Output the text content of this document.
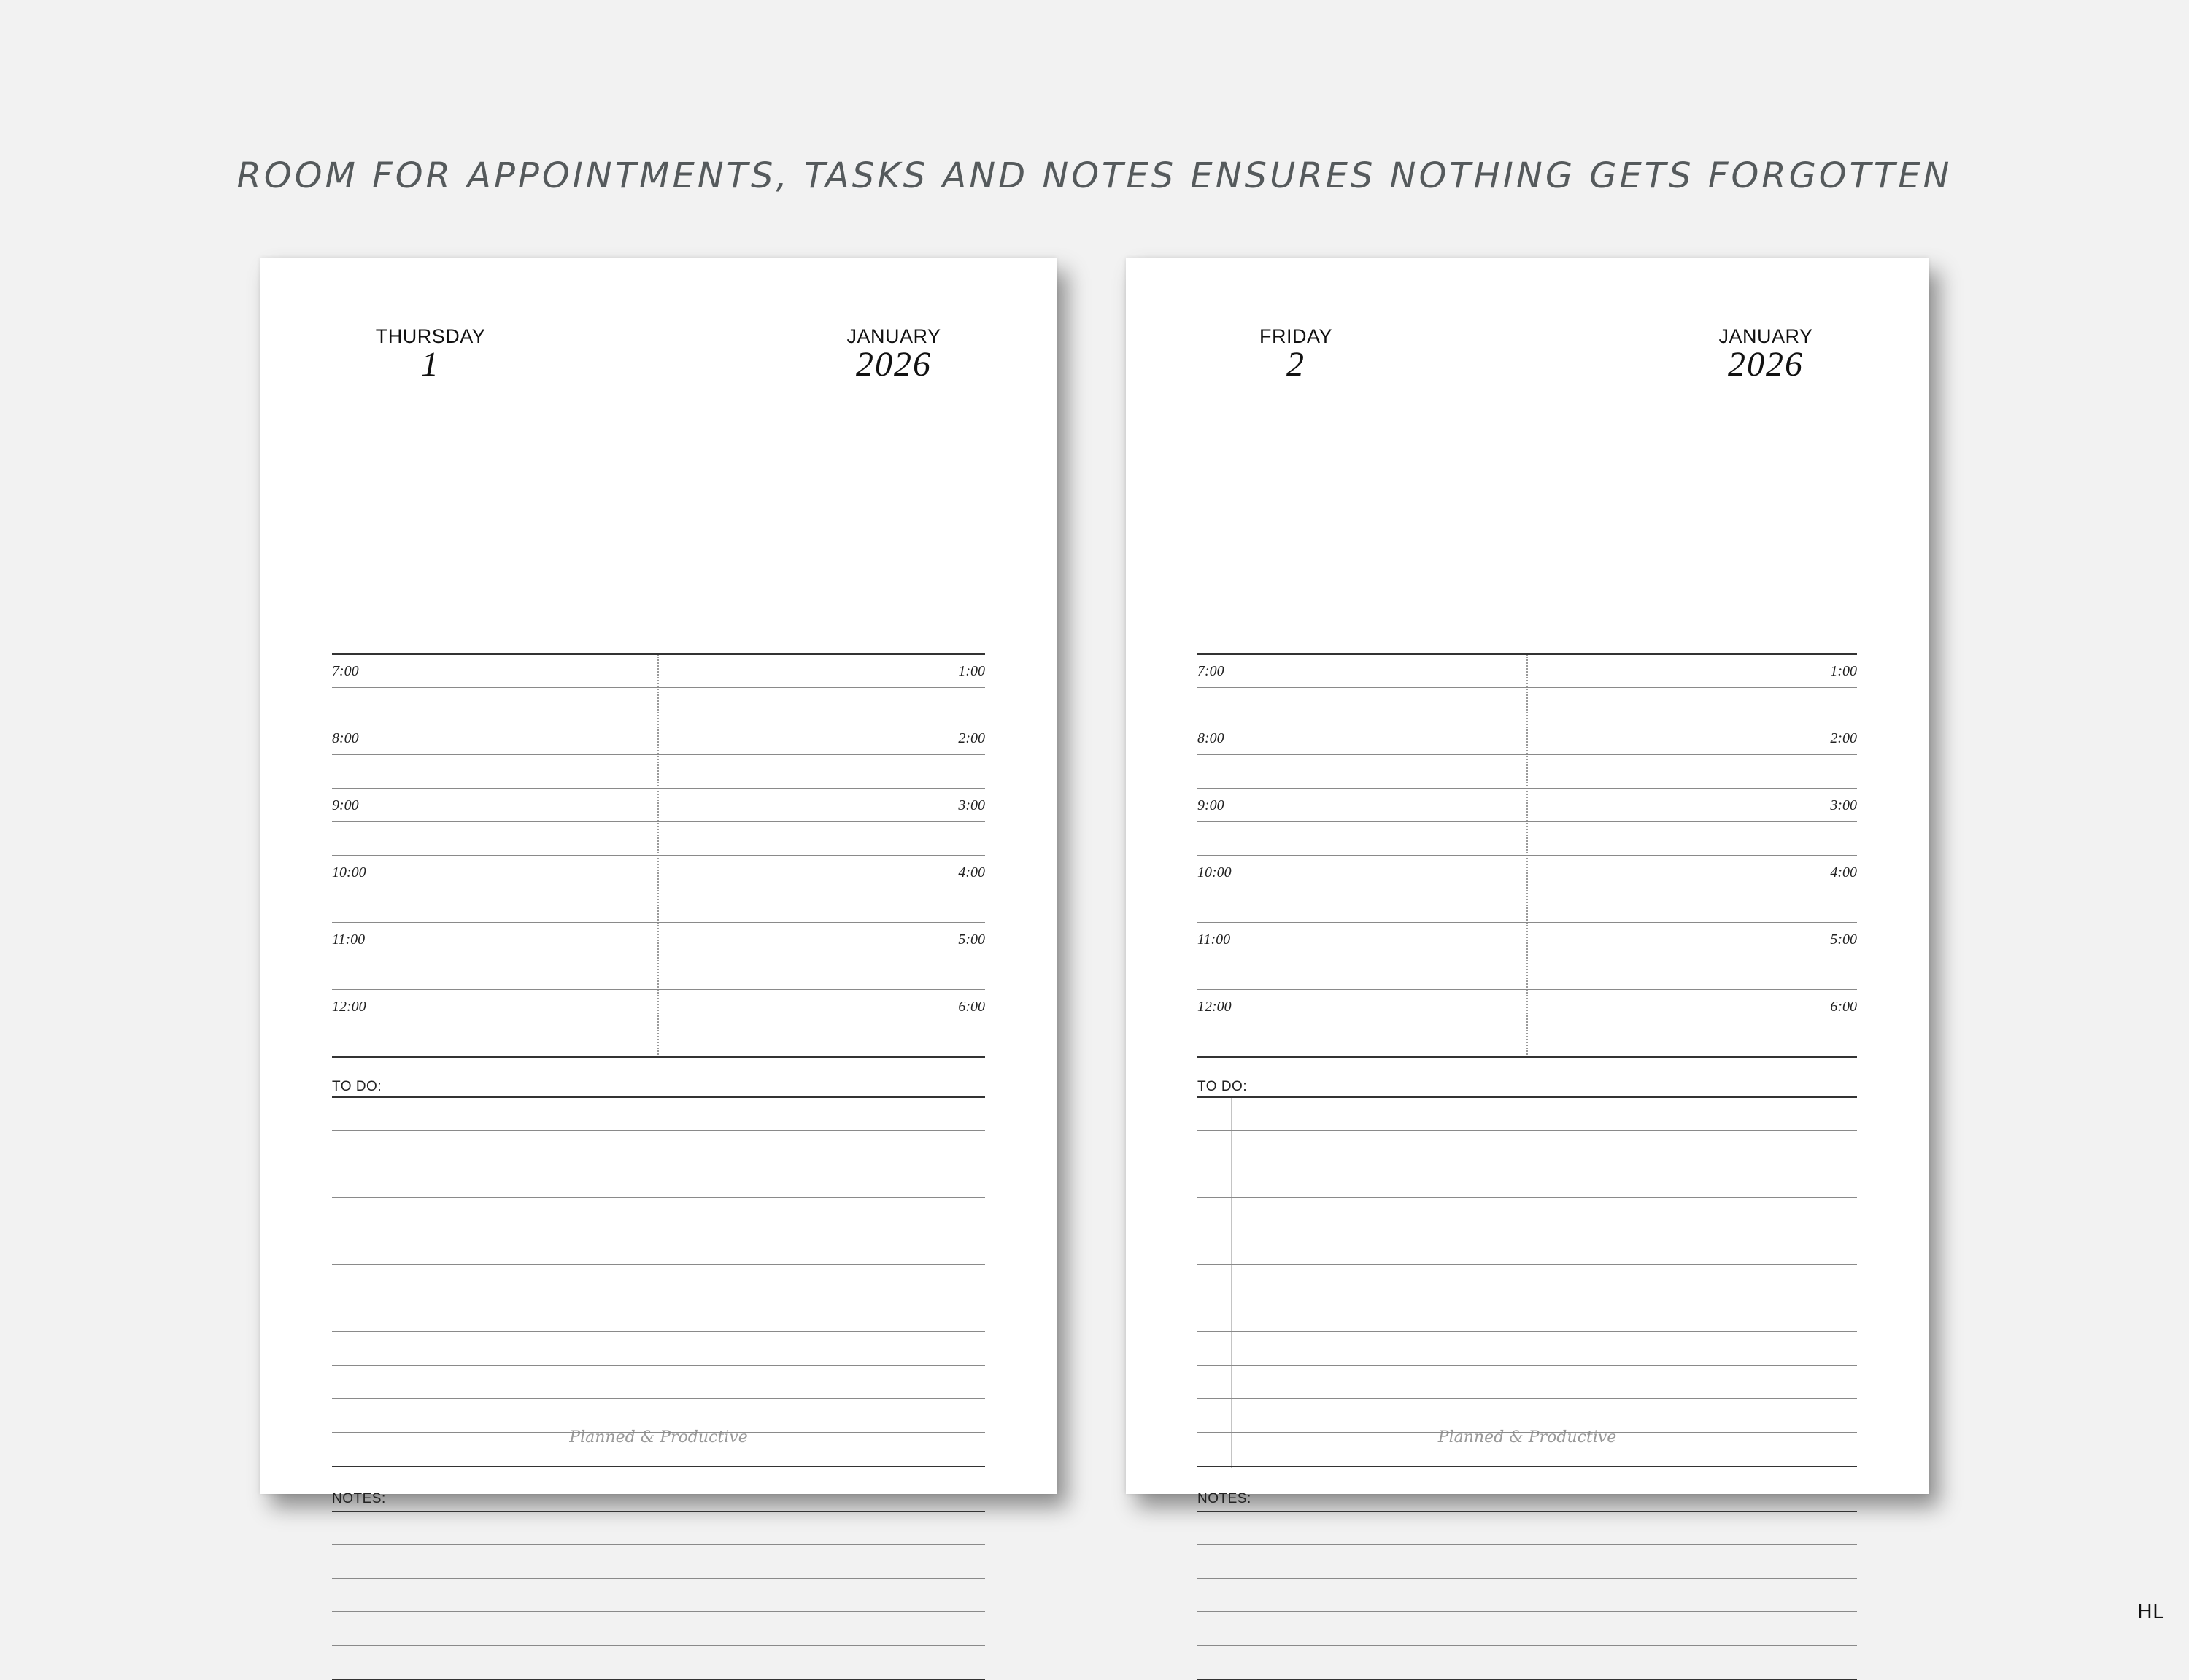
ROOM FOR APPOINTMENTS, TASKS AND NOTES ENSURES NOTHING GETS FORGOTTEN
THURSDAY
1
JANUARY
2026
TO DO:
NOTES:
Planned & Productive
7:00	1:00
8:00	2:00
9:00	3:00
10:00	4:00
11:00	5:00
12:00	6:00
FRIDAY
2
JANUARY
2026
TO DO:
NOTES:
Planned & Productive
7:00	1:00
8:00	2:00
9:00	3:00
10:00	4:00
11:00	5:00
12:00	6:00
HL
